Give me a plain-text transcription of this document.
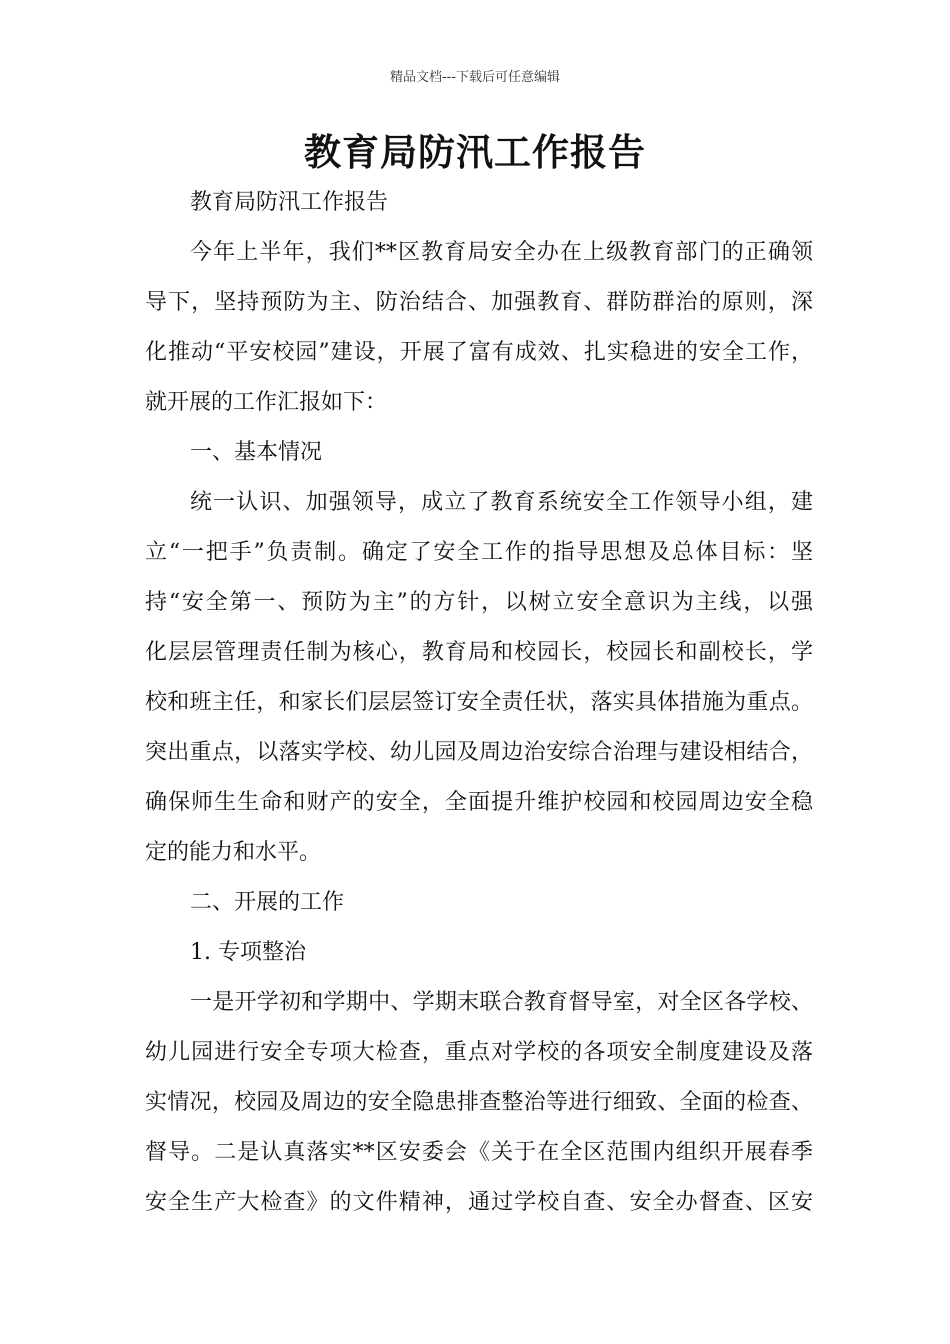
精品文档---下载后可任意编辑
教育局防汛工作报告
教育局防汛工作报告
今年上半年，我们**区教育局安全办在上级教育部门的正确领
导下，坚持预防为主、防治结合、加强教育、群防群治的原则，深
化推动“平安校园”建设，开展了富有成效、扎实稳进的安全工作，
就开展的工作汇报如下：
一、基本情况
统一认识、加强领导，成立了教育系统安全工作领导小组，建
立“一把手”负责制。确定了安全工作的指导思想及总体目标：坚
持“安全第一、预防为主”的方针，以树立安全意识为主线，以强
化层层管理责任制为核心，教育局和校园长，校园长和副校长，学
校和班主任，和家长们层层签订安全责任状，落实具体措施为重点。
突出重点，以落实学校、幼儿园及周边治安综合治理与建设相结合，
确保师生生命和财产的安全，全面提升维护校园和校园周边安全稳
定的能力和水平。
二、开展的工作
1. 专项整治
一是开学初和学期中、学期末联合教育督导室，对全区各学校、
幼儿园进行安全专项大检查，重点对学校的各项安全制度建设及落
实情况，校园及周边的安全隐患排查整治等进行细致、全面的检查、
督导。二是认真落实**区安委会《关于在全区范围内组织开展春季
安全生产大检查》的文件精神，通过学校自查、安全办督查、区安
